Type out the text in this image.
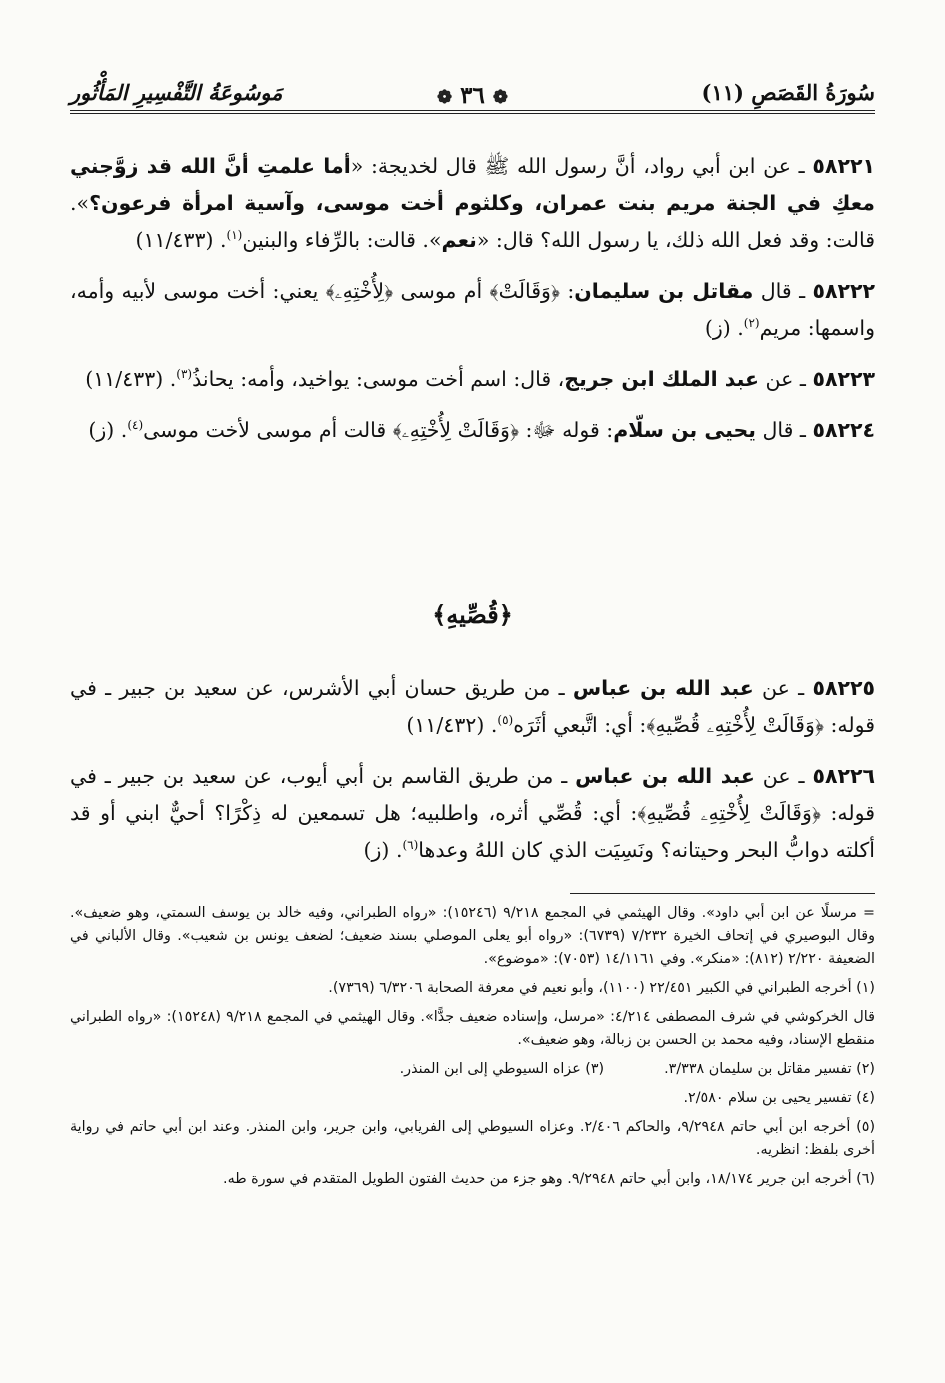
سُورَةُ القَصَصِ (١١)
❁ ٣٦ ❁
مَوسُوعَةُ التَّفْسِيرِ المَأْثُور

٥٨٢٢١ ـ عن ابن أبي رواد، أنَّ رسول الله ﷺ قال لخديجة: «أما علمتِ أنَّ الله قد زوَّجني معكِ في الجنة مريم بنت عمران، وكلثوم أخت موسى، وآسية امرأة فرعون؟». قالت: وقد فعل الله ذلك، يا رسول الله؟ قال: «نعم». قالت: بالرِّفاء والبنين$^{(١)}$. (١١/٤٣٣)

٥٨٢٢٢ ـ قال مقاتل بن سليمان: ﴿وَقَالَتْ﴾ أم موسى ﴿لِأُخْتِهِۦ﴾ يعني: أخت موسى لأبيه وأمه، واسمها: مريم$^{(٢)}$. (ز)

٥٨٢٢٣ ـ عن عبد الملك ابن جريج، قال: اسم أخت موسى: يواخيد، وأمه: يحانذُ$^{(٣)}$. (١١/٤٣٣)

٥٨٢٢٤ ـ قال يحيى بن سلّام: قوله ﷻ: ﴿وَقَالَتْ لِأُخْتِهِۦ﴾ قالت أم موسى لأخت موسى$^{(٤)}$. (ز)

﴿قُصِّيهِ﴾

٥٨٢٢٥ ـ عن عبد الله بن عباس ـ من طريق حسان أبي الأشرس، عن سعيد بن جبير ـ في قوله: ﴿وَقَالَتْ لِأُخْتِهِۦ قُصِّيهِ﴾: أي: اتَّبعي أثَرَه$^{(٥)}$. (١١/٤٣٢)

٥٨٢٢٦ ـ عن عبد الله بن عباس ـ من طريق القاسم بن أبي أيوب، عن سعيد بن جبير ـ في قوله: ﴿وَقَالَتْ لِأُخْتِهِۦ قُصِّيهِ﴾: أي: قُصِّي أثره، واطلبيه؛ هل تسمعين له ذِكْرًا؟ أحيٌّ ابني أو قد أكلته دوابُّ البحر وحيتانه؟ ونَسِيَت الذي كان اللهُ وعدها$^{(٦)}$. (ز)

= مرسلًا عن ابن أبي داود». وقال الهيثمي في المجمع ٩/٢١٨ (١٥٢٤٦): «رواه الطبراني، وفيه خالد بن يوسف السمتي، وهو ضعيف». وقال البوصيري في إتحاف الخيرة ٧/٢٣٢ (٦٧٣٩): «رواه أبو يعلى الموصلي بسند ضعيف؛ لضعف يونس بن شعيب». وقال الألباني في الضعيفة ٢/٢٢٠ (٨١٢): «منكر». وفي ١٤/١١٦١ (٧٠٥٣): «موضوع».

(١) أخرجه الطبراني في الكبير ٢٢/٤٥١ (١١٠٠)، وأبو نعيم في معرفة الصحابة ٦/٣٢٠٦ (٧٣٦٩).

قال الخركوشي في شرف المصطفى ٤/٢١٤: «مرسل، وإسناده ضعيف جدًّا». وقال الهيثمي في المجمع ٩/٢١٨ (١٥٢٤٨): «رواه الطبراني منقطع الإسناد، وفيه محمد بن الحسن بن زبالة، وهو ضعيف».

(٢) تفسير مقاتل بن سليمان ٣/٣٣٨.
(٣) عزاه السيوطي إلى ابن المنذر.

(٤) تفسير يحيى بن سلام ٢/٥٨٠.

(٥) أخرجه ابن أبي حاتم ٩/٢٩٤٨، والحاكم ٢/٤٠٦. وعزاه السيوطي إلى الفريابي، وابن جرير، وابن المنذر. وعند ابن أبي حاتم في رواية أخرى بلفظ: انظريه.

(٦) أخرجه ابن جرير ١٨/١٧٤، وابن أبي حاتم ٩/٢٩٤٨. وهو جزء من حديث الفتون الطويل المتقدم في سورة طه.
